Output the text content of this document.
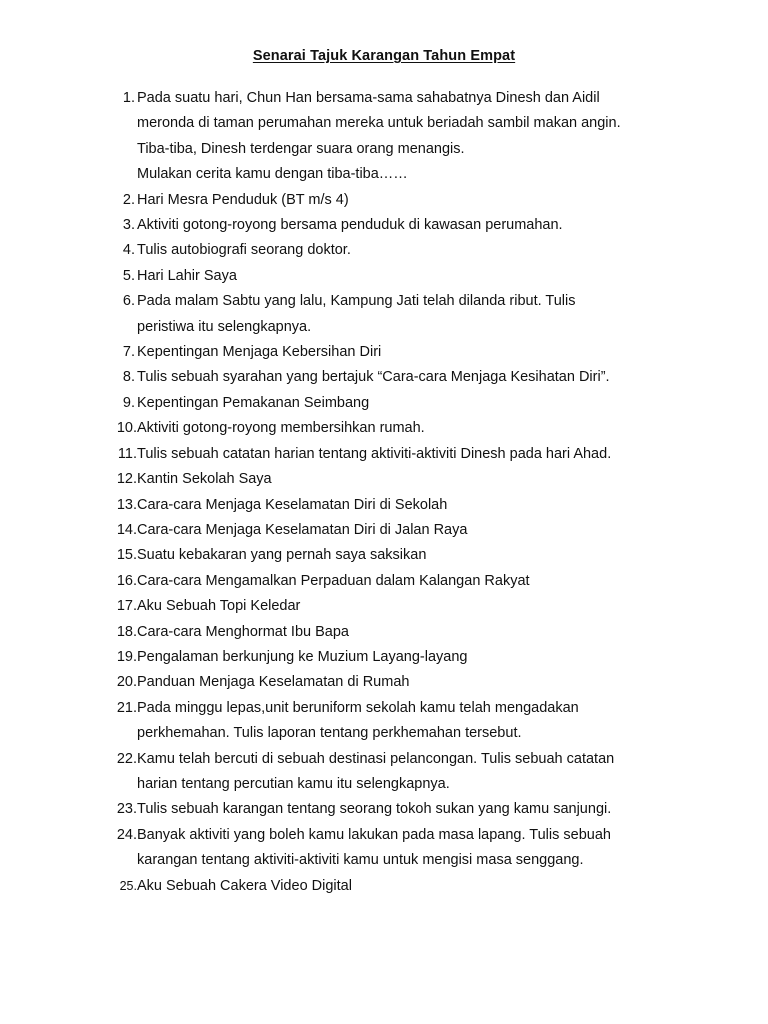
Senarai Tajuk Karangan Tahun Empat
1. Pada suatu hari, Chun Han bersama-sama sahabatnya Dinesh dan Aidil
meronda di taman perumahan mereka untuk beriadah sambil makan angin.
Tiba-tiba, Dinesh terdengar suara orang menangis.
Mulakan cerita kamu dengan tiba-tiba……
2. Hari Mesra Penduduk (BT m/s 4)
3. Aktiviti gotong-royong bersama penduduk di kawasan perumahan.
4. Tulis autobiografi seorang doktor.
5. Hari Lahir Saya
6. Pada malam Sabtu yang lalu, Kampung Jati telah dilanda ribut. Tulis
peristiwa itu selengkapnya.
7. Kepentingan Menjaga Kebersihan Diri
8. Tulis sebuah syarahan yang bertajuk “Cara-cara Menjaga Kesihatan Diri”.
9. Kepentingan Pemakanan Seimbang
10. Aktiviti gotong-royong membersihkan rumah.
11. Tulis sebuah catatan harian tentang aktiviti-aktiviti Dinesh pada hari Ahad.
12. Kantin Sekolah Saya
13. Cara-cara Menjaga Keselamatan Diri di Sekolah
14. Cara-cara Menjaga Keselamatan Diri di Jalan Raya
15. Suatu kebakaran yang pernah saya saksikan
16. Cara-cara Mengamalkan Perpaduan dalam Kalangan Rakyat
17. Aku Sebuah Topi Keledar
18. Cara-cara Menghormat Ibu Bapa
19. Pengalaman berkunjung ke Muzium Layang-layang
20. Panduan Menjaga Keselamatan di Rumah
21. Pada minggu lepas,unit beruniform sekolah kamu telah mengadakan
perkhemahan. Tulis laporan tentang perkhemahan tersebut.
22. Kamu telah bercuti di sebuah destinasi pelancongan. Tulis sebuah catatan
harian tentang percutian kamu itu selengkapnya.
23. Tulis sebuah karangan tentang seorang tokoh sukan yang kamu sanjungi.
24. Banyak aktiviti yang boleh kamu lakukan pada masa lapang. Tulis sebuah
karangan tentang aktiviti-aktiviti kamu untuk mengisi masa senggang.
25. Aku Sebuah Cakera Video Digital
